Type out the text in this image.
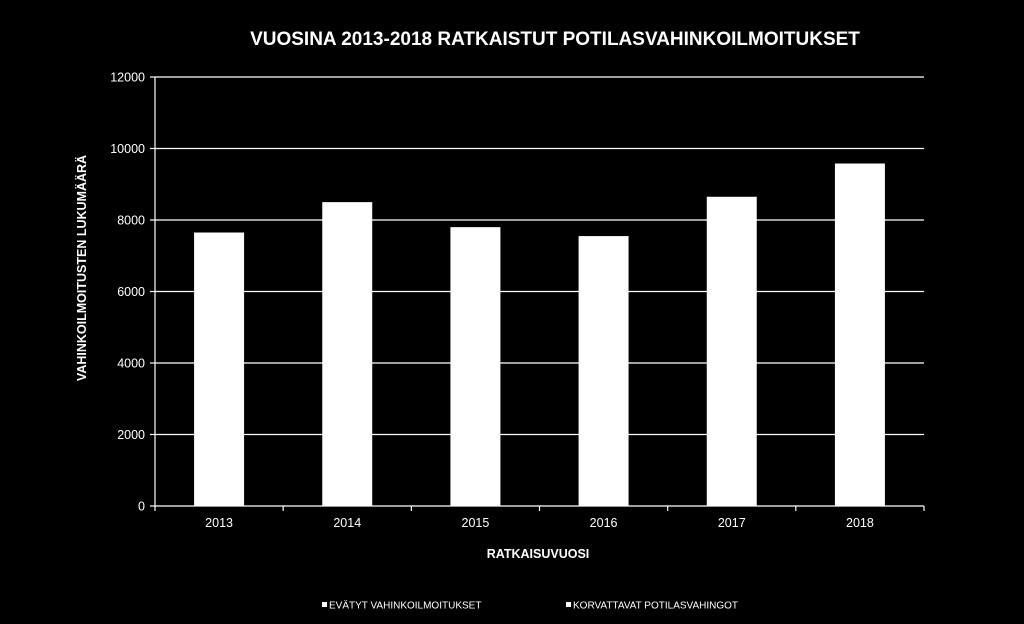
VUOSINA 2013-2018 RATKAISTUT POTILASVAHINKOILMOITUKSET
0
2000
4000
6000
8000
10000
12000
2013	2014	2015	2016	2017	2018
RATKAISUVUOSI
VAHINKOILMOITUSTEN LUKUMÄÄRÄ
EVÄTYT VAHINKOILMOITUKSET	KORVATTAVAT POTILASVAHINGOT
